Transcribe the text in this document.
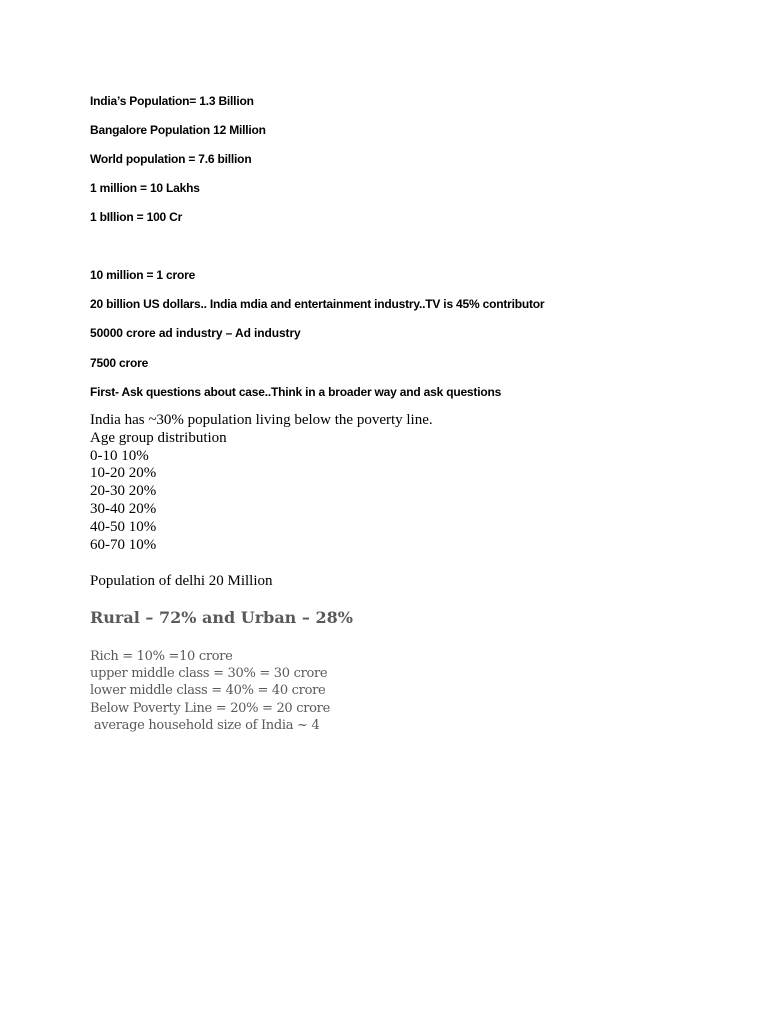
India’s Population= 1.3 Billion
Bangalore Population 12 Million
World population = 7.6 billion
1 million = 10 Lakhs
1 bIllion = 100 Cr
10 million = 1 crore
20 billion US dollars.. India mdia and entertainment industry..TV is 45% contributor
50000 crore ad industry – Ad industry
7500 crore
First- Ask questions about case..Think in a broader way and ask questions
India has ~30% population living below the poverty line.
Age group distribution
0-10 10%
10-20 20%
20-30 20%
30-40 20%
40-50 10%
60-70 10%
Population of delhi 20 Million
Rural – 72% and Urban – 28%
Rich = 10% =10 crore
upper middle class = 30% = 30 crore
lower middle class = 40% = 40 crore
Below Poverty Line = 20% = 20 crore
average household size of India ~ 4
